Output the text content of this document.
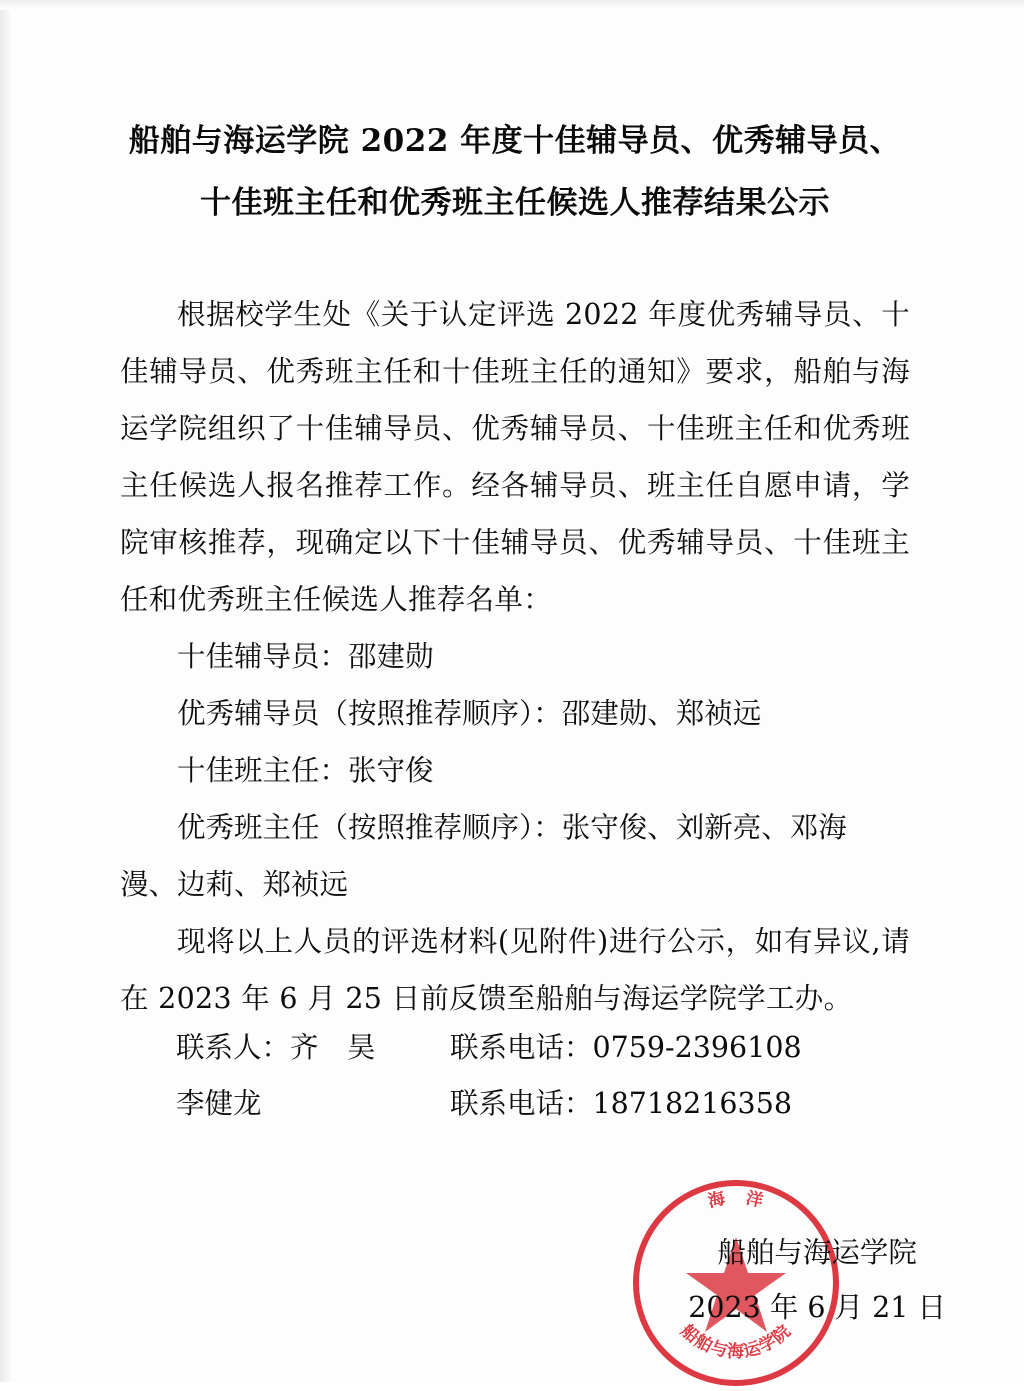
船舶与海运学院 2022 年度十佳辅导员、优秀辅导员、
十佳班主任和优秀班主任候选人推荐结果公示

根据校学生处《关于认定评选 2022 年度优秀辅导员、十佳辅导员、优秀班主任和十佳班主任的通知》要求，船舶与海运学院组织了十佳辅导员、优秀辅导员、十佳班主任和优秀班主任候选人报名推荐工作。经各辅导员、班主任自愿申请，学院审核推荐，现确定以下十佳辅导员、优秀辅导员、十佳班主任和优秀班主任候选人推荐名单：

十佳辅导员：邵建勋

优秀辅导员（按照推荐顺序）：邵建勋、郑祯远

十佳班主任：张守俊

优秀班主任（按照推荐顺序）：张守俊、刘新亮、邓海

漫、边莉、郑祯远

现将以上人员的评选材料(见附件)进行公示，如有异议,请在 2023 年 6 月 25 日前反馈至船舶与海运学院学工办。

联系人：齐　昊	联系电话：0759-2396108
李健龙	联系电话：18718216358
海　洋
船舶与海运学院
船舶与海运学院
2023 年 6 月 21 日
